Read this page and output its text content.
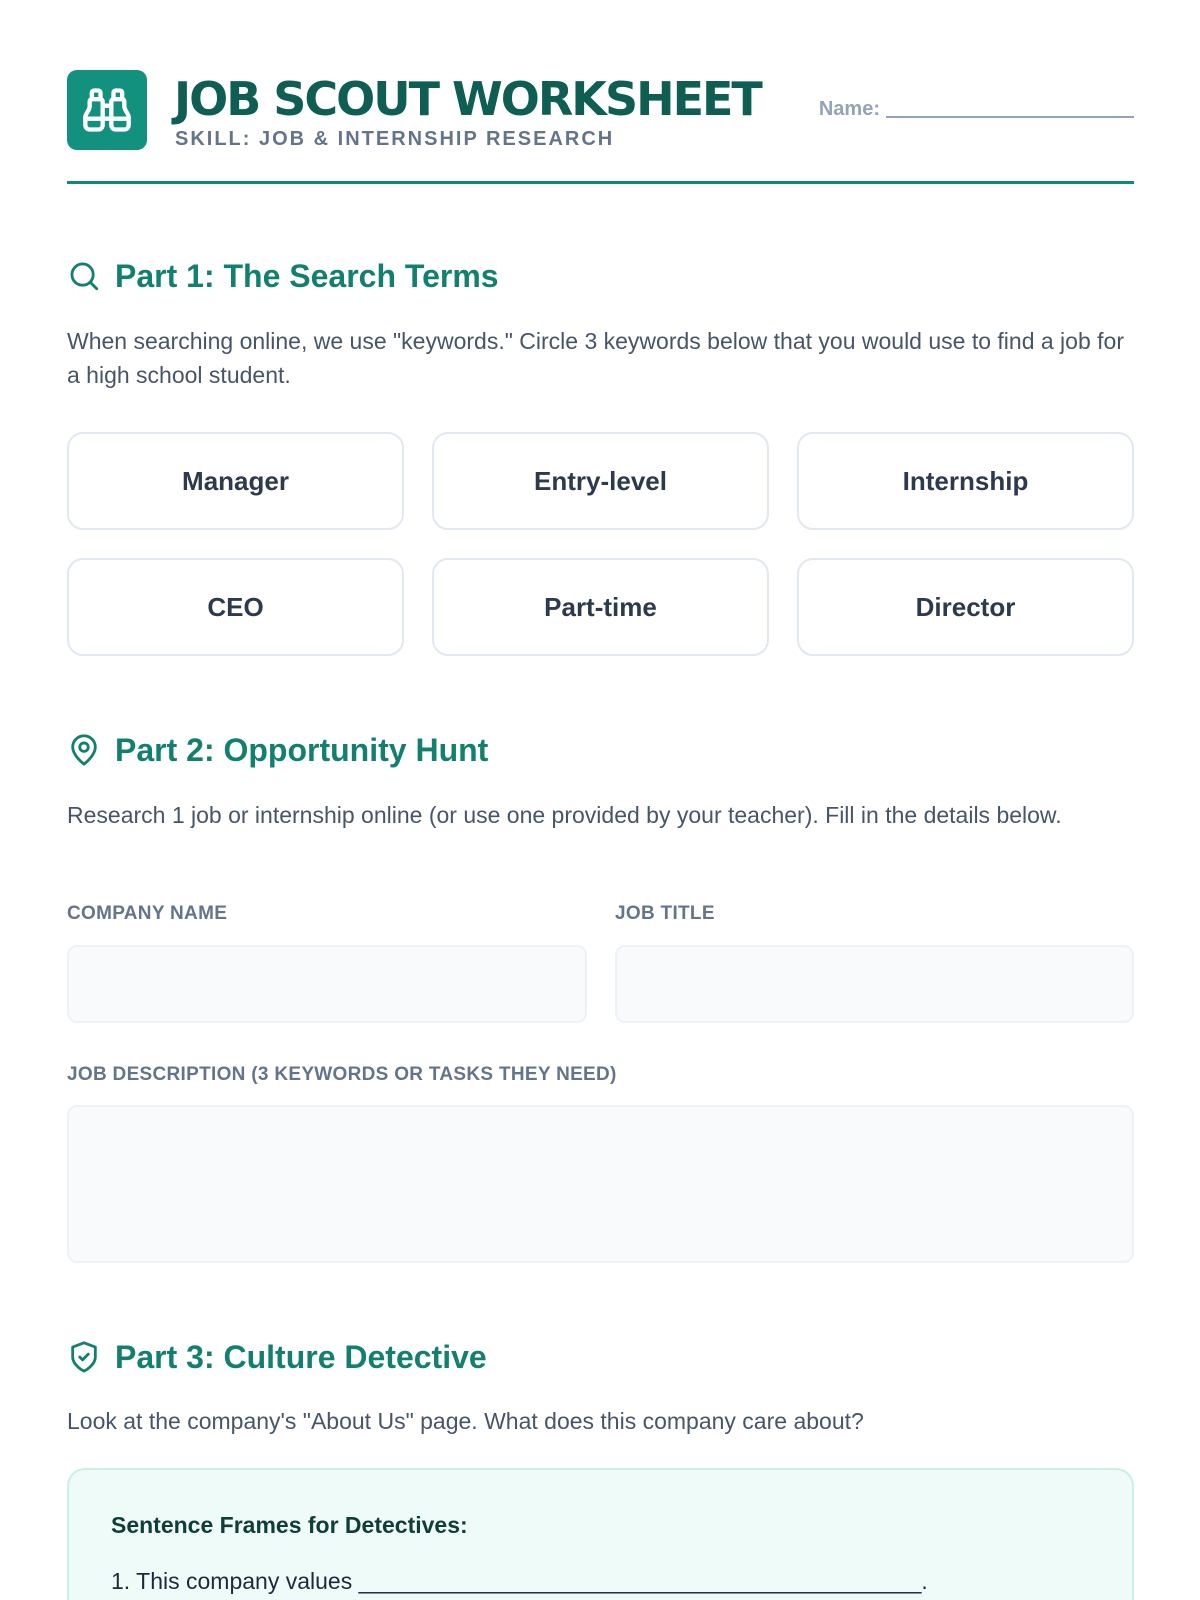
JOB SCOUT WORKSHEET
SKILL: JOB & INTERNSHIP RESEARCH
Name:
Part 1: The Search Terms
When searching online, we use "keywords." Circle 3 keywords below that you would use to find a job for a high school student.
Manager	Entry-level	Internship
CEO	Part-time	Director
Part 2: Opportunity Hunt
Research 1 job or internship online (or use one provided by your teacher). Fill in the details below.
COMPANY NAME	JOB TITLE
JOB DESCRIPTION (3 KEYWORDS OR TASKS THEY NEED)
Part 3: Culture Detective
Look at the company's "About Us" page. What does this company care about?
Sentence Frames for Detectives:
1. This company values ____________________________________________.
